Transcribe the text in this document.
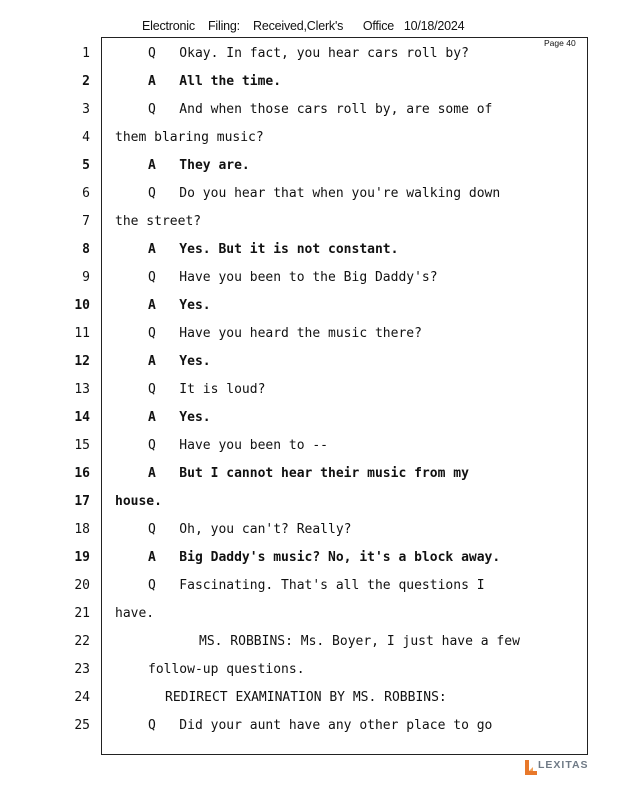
Electronic    Filing:    Received,Clerk's      Office   10/18/2024
Page 40
1	Q   Okay. In fact, you hear cars roll by?
2	A   All the time.
3	Q   And when those cars roll by, are some of
4 them blaring music?
5	A   They are.
6	Q   Do you hear that when you're walking down
7 the street?
8	A   Yes. But it is not constant.
9	Q   Have you been to the Big Daddy's?
10	A   Yes.
11	Q   Have you heard the music there?
12	A   Yes.
13	Q   It is loud?
14	A   Yes.
15	Q   Have you been to --
16	A   But I cannot hear their music from my
17 house.
18	Q   Oh, you can't? Really?
19	A   Big Daddy's music? No, it's a block away.
20	Q   Fascinating. That's all the questions I
21 have.
22	MS. ROBBINS: Ms. Boyer, I just have a few
23	follow-up questions.
24	REDIRECT EXAMINATION BY MS. ROBBINS:
25	Q   Did your aunt have any other place to go
LEXITAS
